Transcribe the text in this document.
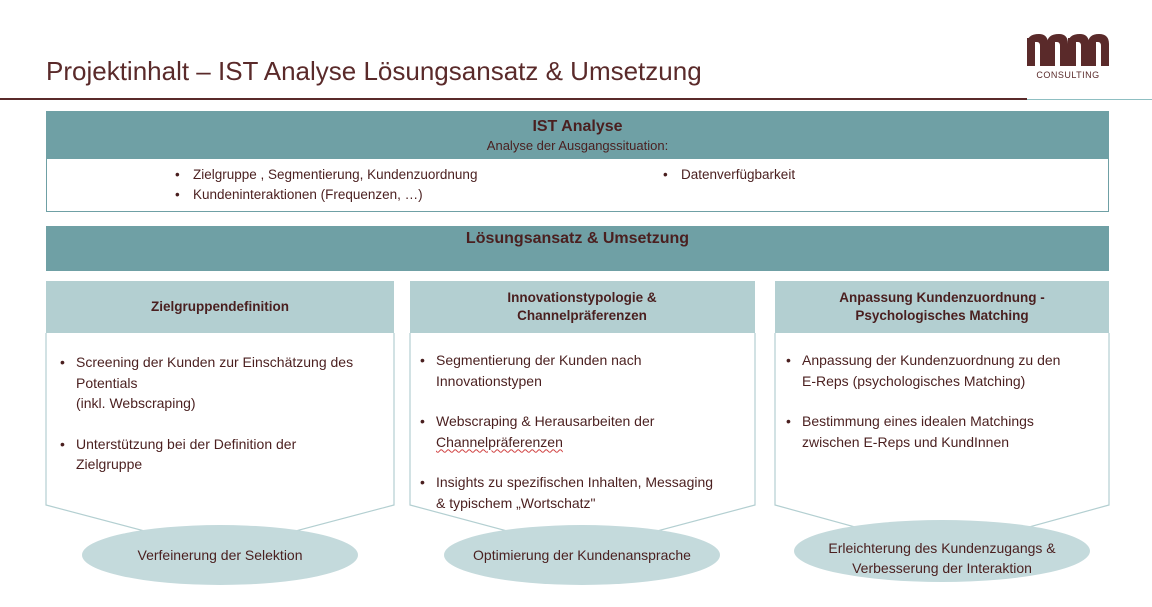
Projektinhalt – IST Analyse Lösungsansatz & Umsetzung	CONSULTING
IST Analyse
Analyse der Ausgangssituation:
• Zielgruppe , Segmentierung, Kundenzuordnung
• Kundeninteraktionen (Frequenzen, …)
• Datenverfügbarkeit
Lösungsansatz & Umsetzung
Zielgruppendefinition
• Screening der Kunden zur Einschätzung des
Potentials
(inkl. Webscraping)
• Unterstützung bei der Definition der
Zielgruppe
Verfeinerung der Selektion
Innovationstypologie & Channelpräferenzen
• Segmentierung der Kunden nach
Innovationstypen
• Webscraping & Herausarbeiten der
Channelpräferenzen
• Insights zu spezifischen Inhalten, Messaging
& typischem „Wortschatz"
Optimierung der Kundenansprache
Anpassung Kundenzuordnung - Psychologisches Matching
• Anpassung der Kundenzuordnung zu den
E-Reps (psychologisches Matching)
• Bestimmung eines idealen Matchings
zwischen E-Reps und KundInnen
Erleichterung des Kundenzugangs & Verbesserung der Interaktion
